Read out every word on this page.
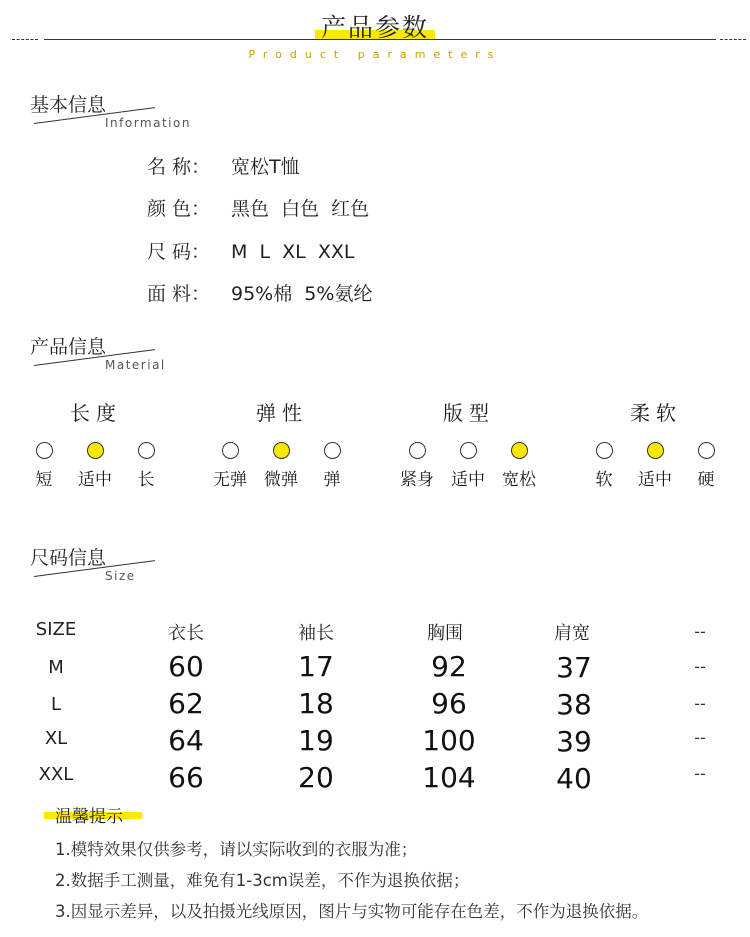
产品参数
Product parameters
基本信息
Information
名 称： 宽松T恤
颜 色： 黑色  白色  红色
尺 码： M  L  XL  XXL
面 料： 95%棉  5%氨纶
产品信息
Material
长度
短	适中	长
弹性
无弹	微弹	弹
版型
紧身	适中	宽松
柔软
软	适中	硬
尺码信息
Size
SIZE	衣长	袖长	胸围	肩宽	--
M	60	17	92	37	--
L	62	18	96	38	--
XL	64	19	100	39	--
XXL	66	20	104	40	--
温馨提示
1.模特效果仅供参考，请以实际收到的衣服为准；
2.数据手工测量，难免有1-3cm误差，不作为退换依据；
3.因显示差异，以及拍摄光线原因，图片与实物可能存在色差，不作为退换依据。
